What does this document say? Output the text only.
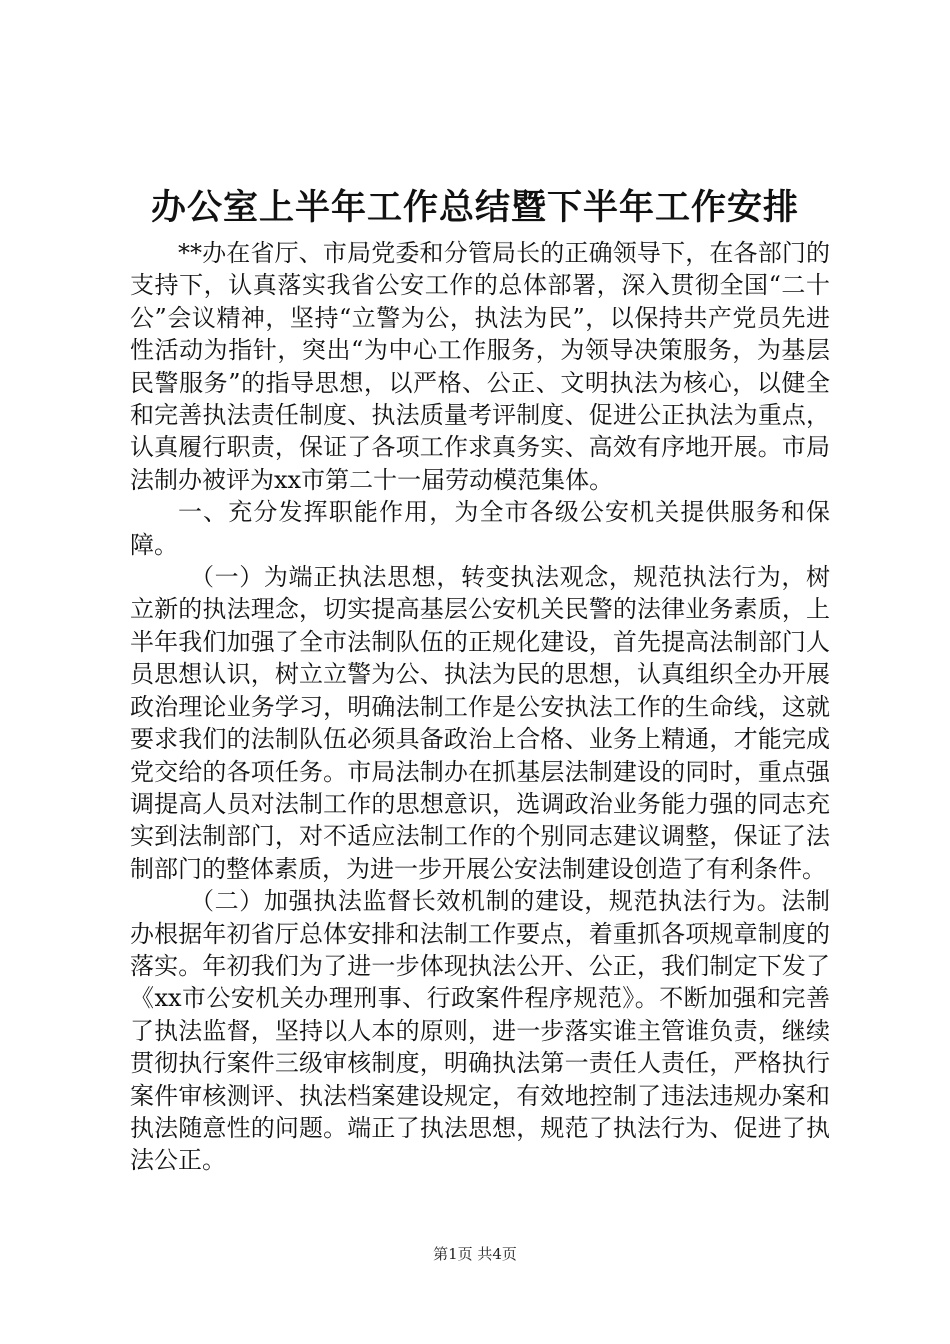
办公室上半年工作总结暨下半年工作安排

**办在省厅、市局党委和分管局长的正确领导下，在各部门的支持下，认真落实我省公安工作的总体部署，深入贯彻全国“二十公”会议精神，坚持“立警为公，执法为民”，以保持共产党员先进性活动为指针，突出“为中心工作服务，为领导决策服务，为基层民警服务”的指导思想，以严格、公正、文明执法为核心，以健全和完善执法责任制度、执法质量考评制度、促进公正执法为重点，认真履行职责，保证了各项工作求真务实、高效有序地开展。市局法制办被评为xx市第二十一届劳动模范集体。

一、充分发挥职能作用，为全市各级公安机关提供服务和保障。

（一）为端正执法思想，转变执法观念，规范执法行为，树立新的执法理念，切实提高基层公安机关民警的法律业务素质，上半年我们加强了全市法制队伍的正规化建设，首先提高法制部门人员思想认识，树立立警为公、执法为民的思想，认真组织全办开展政治理论业务学习，明确法制工作是公安执法工作的生命线，这就要求我们的法制队伍必须具备政治上合格、业务上精通，才能完成党交给的各项任务。市局法制办在抓基层法制建设的同时，重点强调提高人员对法制工作的思想意识，选调政治业务能力强的同志充实到法制部门，对不适应法制工作的个别同志建议调整，保证了法制部门的整体素质，为进一步开展公安法制建设创造了有利条件。

（二）加强执法监督长效机制的建设，规范执法行为。法制办根据年初省厅总体安排和法制工作要点，着重抓各项规章制度的落实。年初我们为了进一步体现执法公开、公正，我们制定下发了《xx市公安机关办理刑事、行政案件程序规范》。不断加强和完善了执法监督，坚持以人本的原则，进一步落实谁主管谁负责，继续贯彻执行案件三级审核制度，明确执法第一责任人责任，严格执行案件审核测评、执法档案建设规定，有效地控制了违法违规办案和执法随意性的问题。端正了执法思想，规范了执法行为、促进了执法公正。

第1页 共4页
